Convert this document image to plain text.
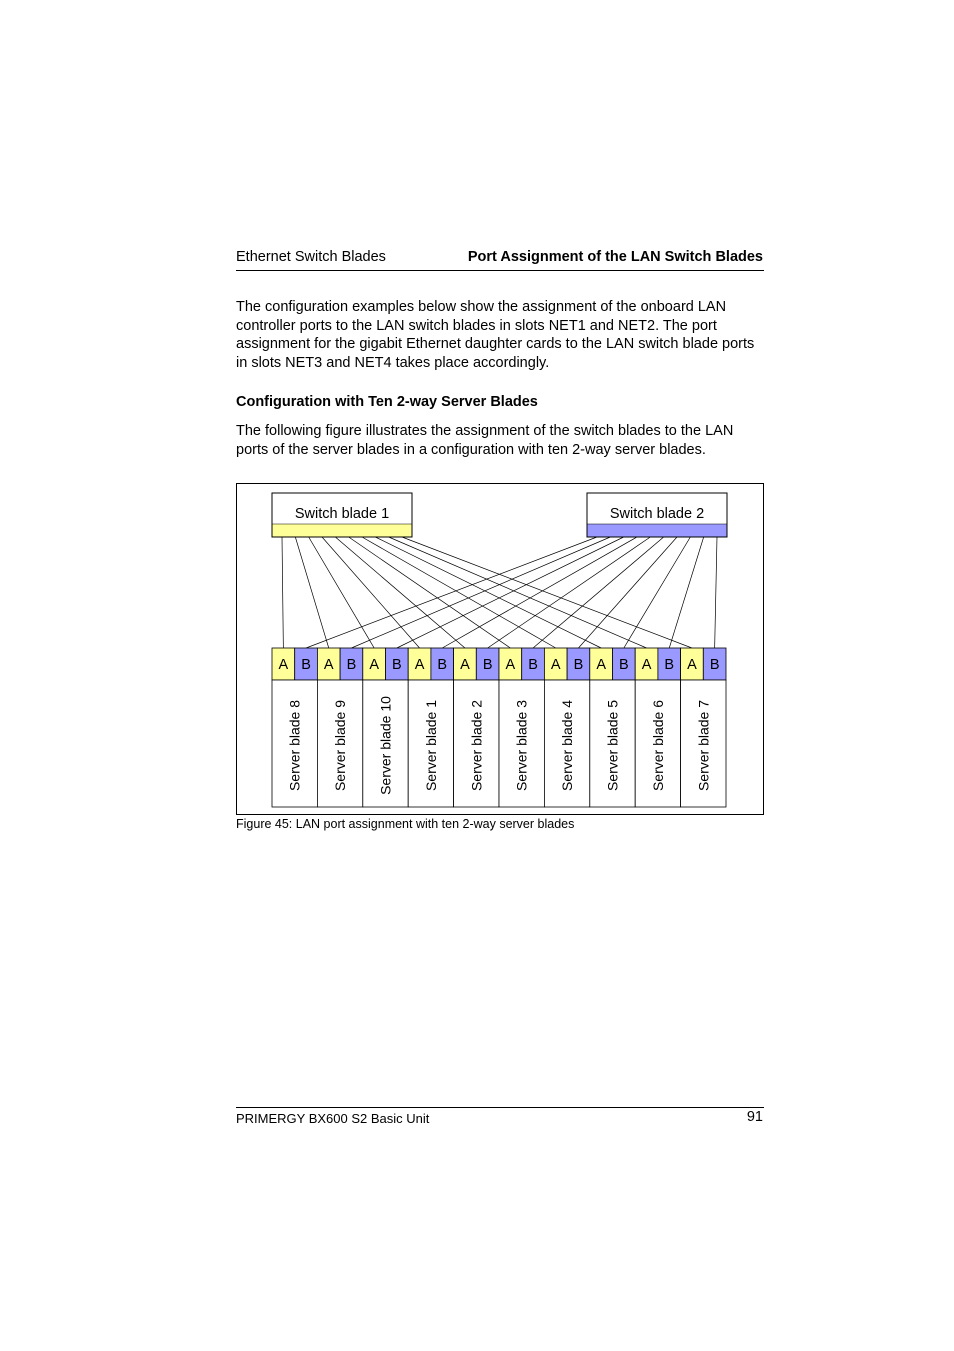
Ethernet Switch Blades	Port Assignment of the LAN Switch Blades

The configuration examples below show the assignment of the onboard LAN controller ports to the LAN switch blades in slots NET1 and NET2. The port assignment for the gigabit Ethernet daughter cards to the LAN switch blade ports in slots NET3 and NET4 takes place accordingly.

Configuration with Ten 2-way Server Blades

The following figure illustrates the assignment of the switch blades to the LAN ports of the server blades in a configuration with ten 2-way server blades.

Switch blade 1	Switch blade 2
A B A B A B A B A B A B A B A B A B A B
Server blade 8 Server blade 9 Server blade 10 Server blade 1 Server blade 2 Server blade 3 Server blade 4 Server blade 5 Server blade 6 Server blade 7
Figure 45: LAN port assignment with ten 2-way server blades
PRIMERGY BX600 S2 Basic Unit	91
